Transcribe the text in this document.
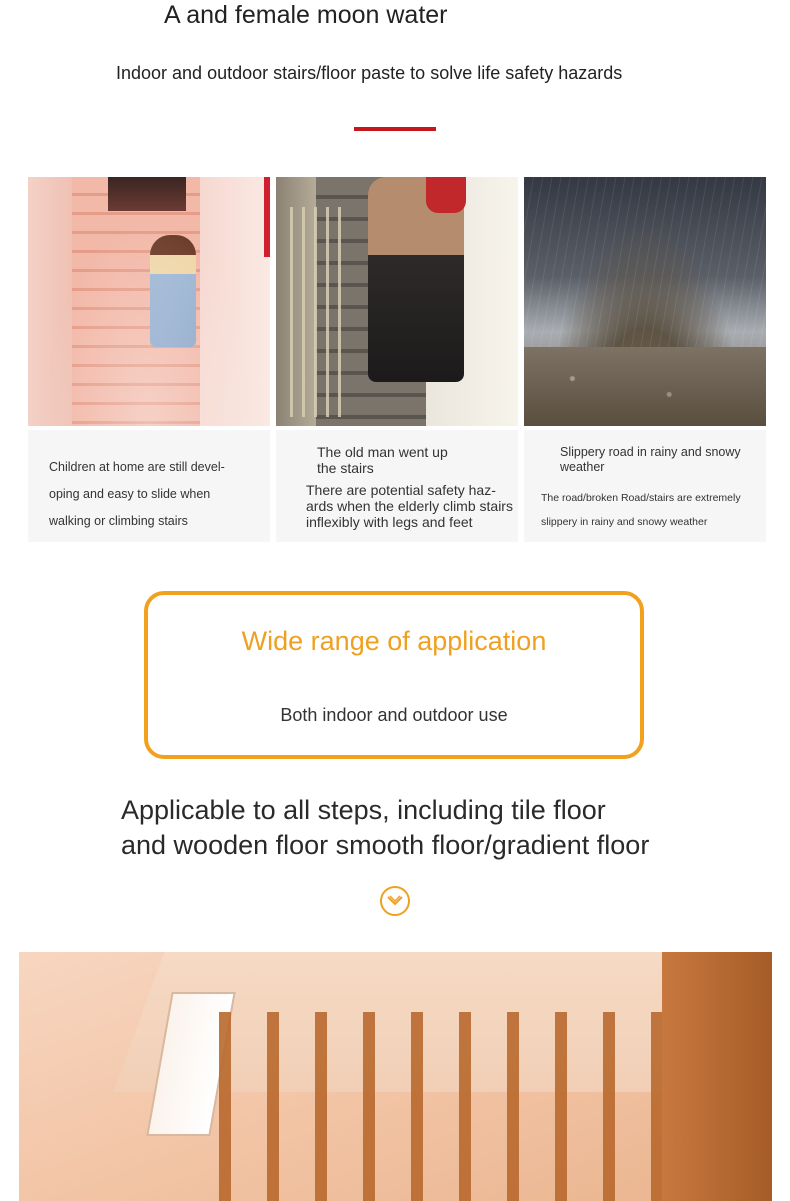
A and female moon water
Indoor and outdoor stairs/floor paste to solve life safety hazards
Children at home are still devel-
oping and easy to slide when
walking or climbing stairs
The old man went up
the stairs
There are potential safety haz-
ards when the elderly climb stairs
inflexibly with legs and feet
Slippery road in rainy and snowy
weather
The road/broken Road/stairs are extremely
slippery in rainy and snowy weather
Wide range of application
Both indoor and outdoor use
Applicable to all steps, including tile floor
and wooden floor smooth floor/gradient floor
